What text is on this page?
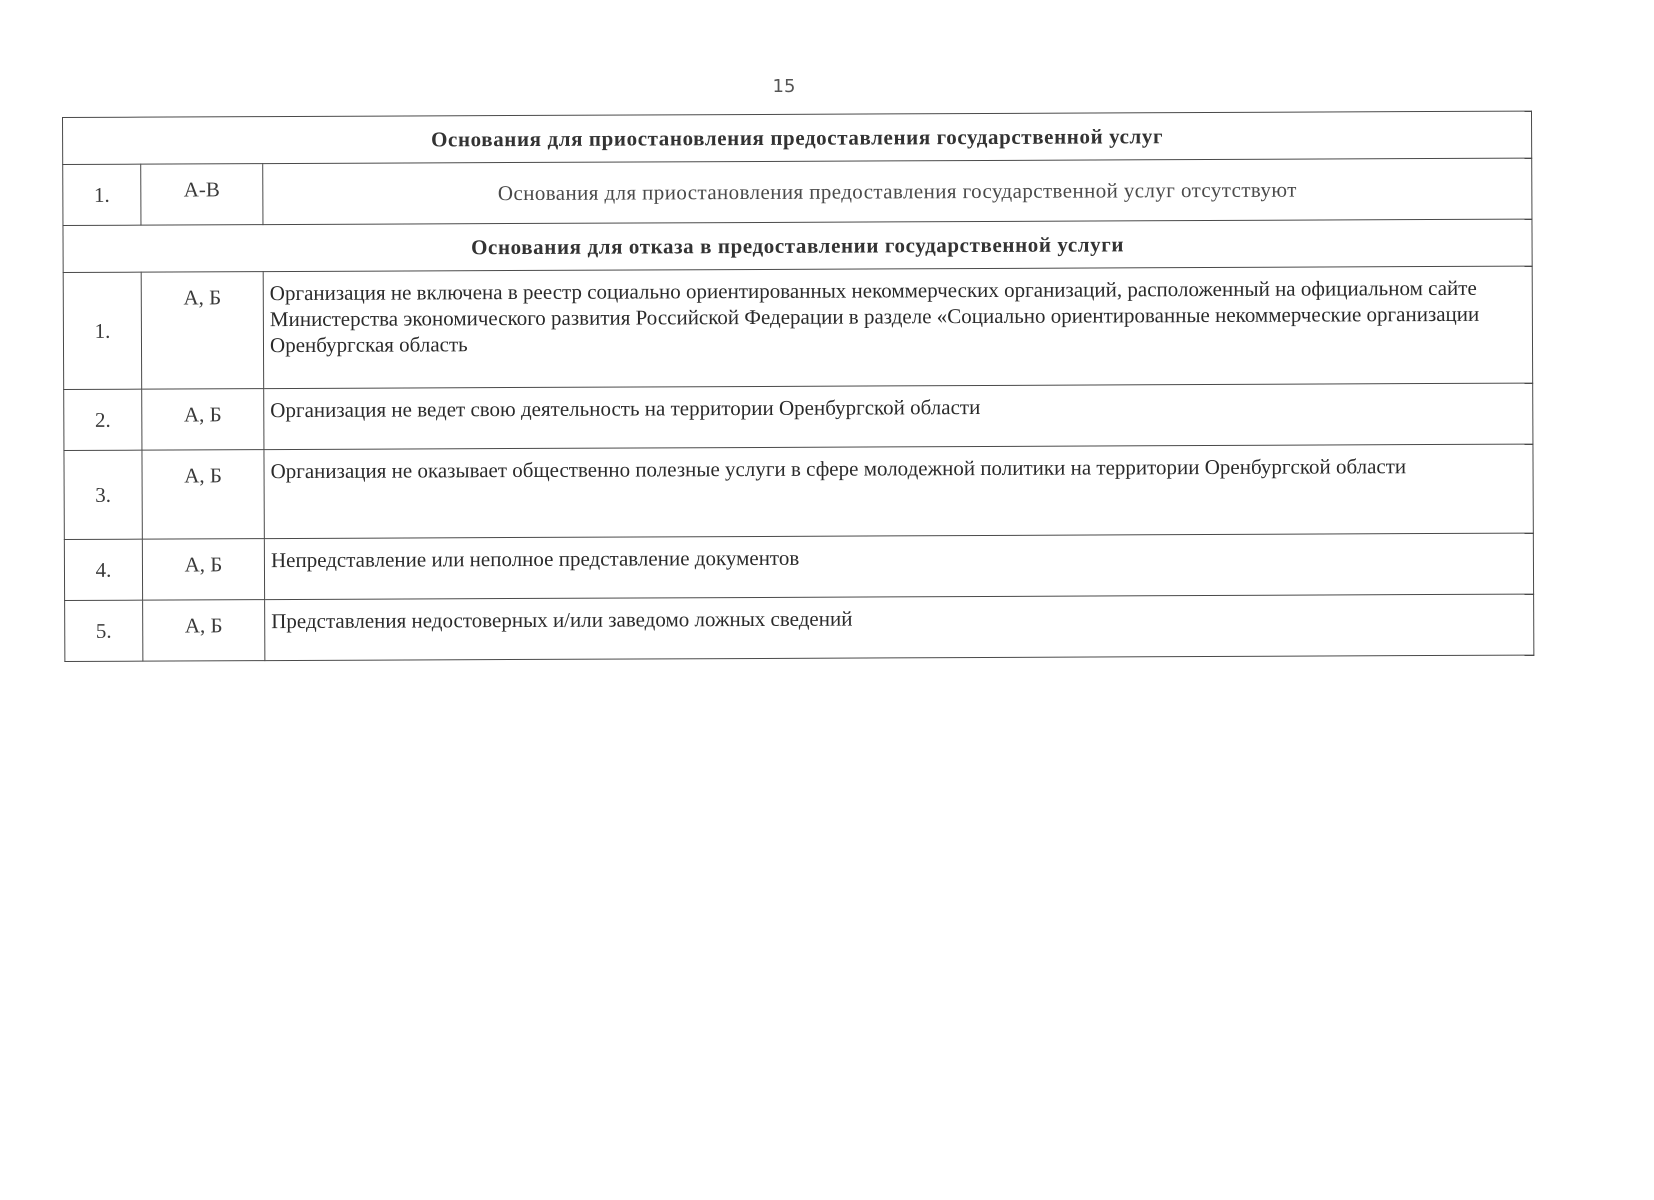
15
Основания для приостановления предоставления государственной услуг		
1.	А-В	Основания для приостановления предоставления государственной услуг отсутствуют
Основания для отказа в предоставлении государственной услуги		
1.	А, Б	Организация не включена в реестр социально ориентированных некоммерческих организаций, расположенный на официальном сайте Министерства экономического развития Российской Федерации в разделе «Социально ориентированные некоммерческие организации Оренбургская область
2.	А, Б	Организация не ведет свою деятельность на территории Оренбургской области
3.	А, Б	Организация не оказывает общественно полезные услуги в сфере молодежной политики на территории Оренбургской области
4.	А, Б	Непредставление или неполное представление документов
5.	А, Б	Представления недостоверных и/или заведомо ложных сведений
